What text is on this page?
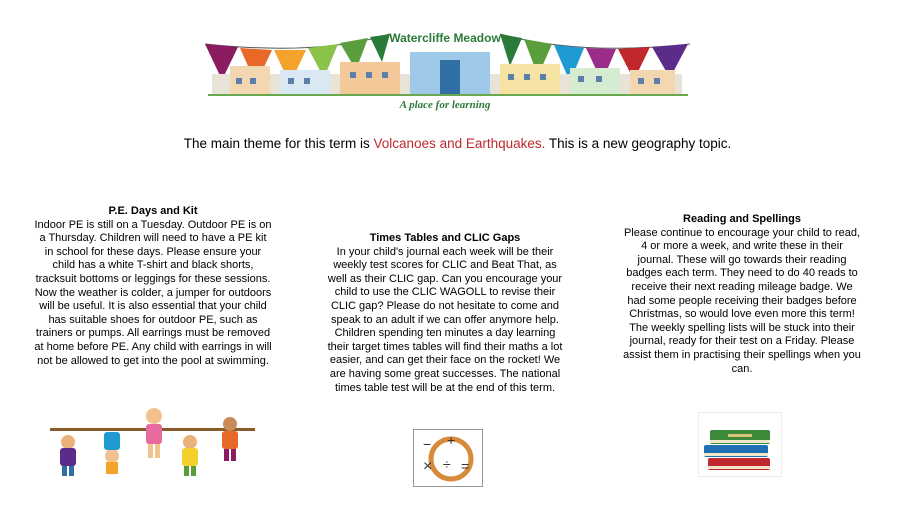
Watercliffe Meadow
A place for learning
The main theme for this term is Volcanoes and Earthquakes. This is a new geography topic.
P.E. Days and Kit

Indoor PE is still on a Tuesday. Outdoor PE is on a Thursday. Children will need to have a PE kit in school for these days. Please ensure your child has a white T-shirt and black shorts, tracksuit bottoms or leggings for these sessions. Now the weather is colder, a jumper for outdoors will be useful. It is also essential that your child has suitable shoes for outdoor PE, such as trainers or pumps. All earrings must be removed at home before PE. Any child with earrings in will not be allowed to get into the pool at swimming.

Times Tables and CLIC Gaps

In your child's journal each week will be their weekly test scores for CLIC and Beat That, as well as their CLIC gap. Can you encourage your child to use the CLIC WAGOLL to revise their CLIC gap? Please do not hesitate to come and speak to an adult if we can offer anymore help. Children spending ten minutes a day learning their target times tables will find their maths a lot easier, and can get their face on the rocket! We are having some great successes. The national times table test will be at the end of this term.

Reading and Spellings

Please continue to encourage your child to read, 4 or more a week, and write these in their journal. These will go towards their reading badges each term. They need to do 40 reads to receive their next reading mileage badge. We had some people receiving their badges before Christmas, so would love even more this term!

The weekly spelling lists will be stuck into their journal, ready for their test on a Friday. Please assist them in practising their spellings when you can.

− +
× ÷ =
